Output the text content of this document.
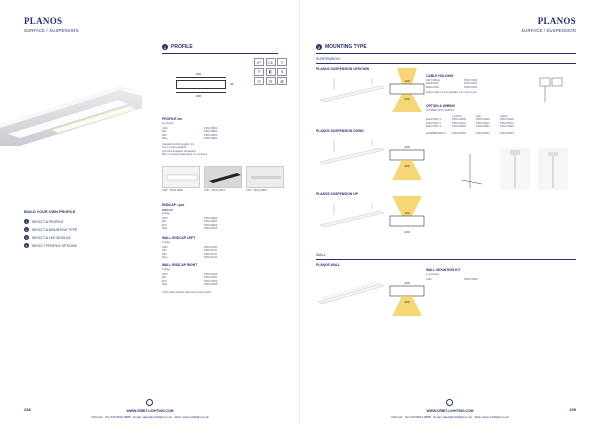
PLANOS
SURFACE / SUSPENSION
1 PROFILE
100
200
32
IP	CE	▽
⊓	◧	↯
⊡	⊟	⊠
PROFILE 2m
2m length
ANO	PPA3.0B00
WH	PPA3.0B01
BLK	PPA3.0B02
Raw	PPA3.0B03
Standard profile lengths: 2m
Cut to order available
Joint kits available separately
Max run length dependent on mounting
ANO PPA3.0B00	ANO PPA3.0B01	ANO PPA3.0B02
ENDCAP / pcs
ENDCAP
2x/bag
ANO	PPA3.0E00
WH	PPA3.0E01
BLK	PPA3.0E02
Raw	PPA3.0E03
WALL ENDCAP LEFT
1x/bag
ANO	PPA3.0L00
WH	PPA3.0L01
BLK	PPA3.0L02
Raw	PPA3.0L03
WALL ENDCAP RIGHT
1x/bag
ANO	PPA3.0R00
WH	PPA3.0R01
BLK	PPA3.0R02
Raw	PPA3.0R03
Order wall endcaps with wall mounting kits
BUILD YOUR OWN PROFILE
1	SELECT A PROFILE
2	SELECT A MOUNTING TYPE
3	SELECT A LED MODULE
4	SELECT PROFILE OPTIONS
238	WWW.ORBIT-LIGHTING.COM
Orbit plc · Tel: 020 8914 4888 · Email: sales@orbitlight.co.uk · Web: www.orbitlight.co.uk
PLANOS
SURFACE / SUSPENSION
2 MOUNTING TYPE
SUSPENSION
PLANOS SUSPENSION UP/DOWN
100
200
PLANOS SUSPENSION DOWN
100
200
PLANOS SUSPENSION UP
100
200
CABLE HOLDING
AIR CABLE	PPA3.0S00
ELECTRIC	PPA3.0S01
ELEC/CEIL	PPA3.0S02
Cable length is 2m as standard, cut to size on site
OPTION & WIRING
CONNECTION SUPPLY
1-10Vdc	Dali	Switch
ELECTRIC 1	PPA3.0W00	PPA3.0W10	PPA3.0W20
ELECTRIC 2	PPA3.0W01	PPA3.0W11	PPA3.0W21
ELECTRIC 3	PPA3.0W02	PPA3.0W12	PPA3.0W22
EL/EMERGENCY	PPA3.0W03	PPA3.0W13	PPA3.0W23
WALL
PLANOS WALL
100
200
WALL MOUNTING KIT
1 mounting
ANO	PPA3.0M00
239
WWW.ORBIT-LIGHTING.COM
Orbit plc · Tel: 020 8914 4888 · Email: sales@orbitlight.co.uk · Web: www.orbitlight.co.uk
